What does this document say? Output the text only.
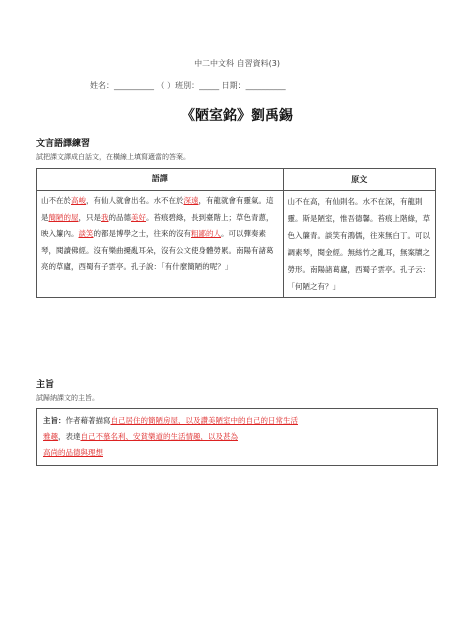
中二中文科 自習資料(3)
姓名：__________ （ ）班別：_____ 日期：__________
《陋室銘》劉禹錫
文言語譯練習
試把課文譯成白話文，在橫線上填寫適當的答案。
語譯	原文
山不在於高峻，有仙人就會出名。水不在於深遠，有龍就會有靈氣。這是簡陋的屋，只是我的品德美好。苔痕碧綠，長到臺階上；草色青蔥，映入簾內。談笑的都是博學之士，往來的沒有粗鄙的人。可以彈奏素琴，閱讀佛經。沒有樂曲擾亂耳朵，沒有公文使身體勞累。南陽有諸葛亮的草廬，西蜀有子雲亭。孔子說：「有什麼簡陋的呢？」	山不在高，有仙則名。水不在深，有龍則靈。斯是陋室，惟吾德馨。苔痕上階綠，草色入簾青。談笑有鴻儒，往來無白丁。可以調素琴，閱金經。無絲竹之亂耳，無案牘之勞形。南陽諸葛廬，西蜀子雲亭。孔子云：「何陋之有？」
主旨
試歸納課文的主旨。
主旨：作者藉著描寫自己居住的簡陋房屋，以及讚美陋室中的自己的日常生活
雅趣，表達自己不慕名利、安貧樂道的生活情趣，以及甚為
高尚的品德與理想
